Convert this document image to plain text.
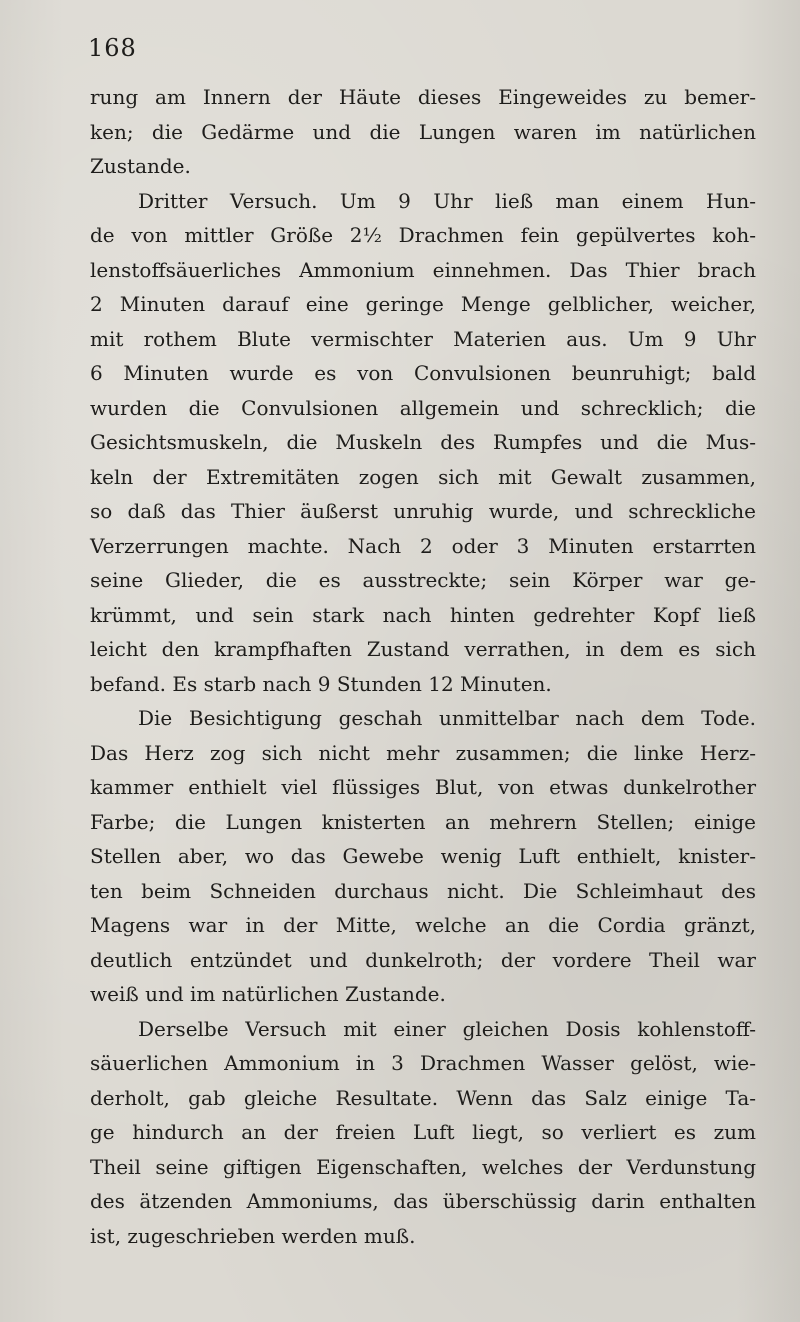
168
rung am Innern der Häute dieses Eingeweides zu bemer-
ken; die Gedärme und die Lungen waren im natürlichen
Zustande.
Dritter Versuch. Um 9 Uhr ließ man einem Hun-
de von mittler Größe 2½ Drachmen fein gepülvertes koh-
lenstoffsäuerliches Ammonium einnehmen. Das Thier brach
2 Minuten darauf eine geringe Menge gelblicher, weicher,
mit rothem Blute vermischter Materien aus. Um 9 Uhr
6 Minuten wurde es von Convulsionen beunruhigt; bald
wurden die Convulsionen allgemein und schrecklich; die
Gesichtsmuskeln, die Muskeln des Rumpfes und die Mus-
keln der Extremitäten zogen sich mit Gewalt zusammen,
so daß das Thier äußerst unruhig wurde, und schreckliche
Verzerrungen machte. Nach 2 oder 3 Minuten erstarrten
seine Glieder, die es ausstreckte; sein Körper war ge-
krümmt, und sein stark nach hinten gedrehter Kopf ließ
leicht den krampfhaften Zustand verrathen, in dem es sich
befand. Es starb nach 9 Stunden 12 Minuten.
Die Besichtigung geschah unmittelbar nach dem Tode.
Das Herz zog sich nicht mehr zusammen; die linke Herz-
kammer enthielt viel flüssiges Blut, von etwas dunkelrother
Farbe; die Lungen knisterten an mehrern Stellen; einige
Stellen aber, wo das Gewebe wenig Luft enthielt, knister-
ten beim Schneiden durchaus nicht. Die Schleimhaut des
Magens war in der Mitte, welche an die Cordia gränzt,
deutlich entzündet und dunkelroth; der vordere Theil war
weiß und im natürlichen Zustande.
Derselbe Versuch mit einer gleichen Dosis kohlenstoff-
säuerlichen Ammonium in 3 Drachmen Wasser gelöst, wie-
derholt, gab gleiche Resultate. Wenn das Salz einige Ta-
ge hindurch an der freien Luft liegt, so verliert es zum
Theil seine giftigen Eigenschaften, welches der Verdunstung
des ätzenden Ammoniums, das überschüssig darin enthalten
ist, zugeschrieben werden muß.
